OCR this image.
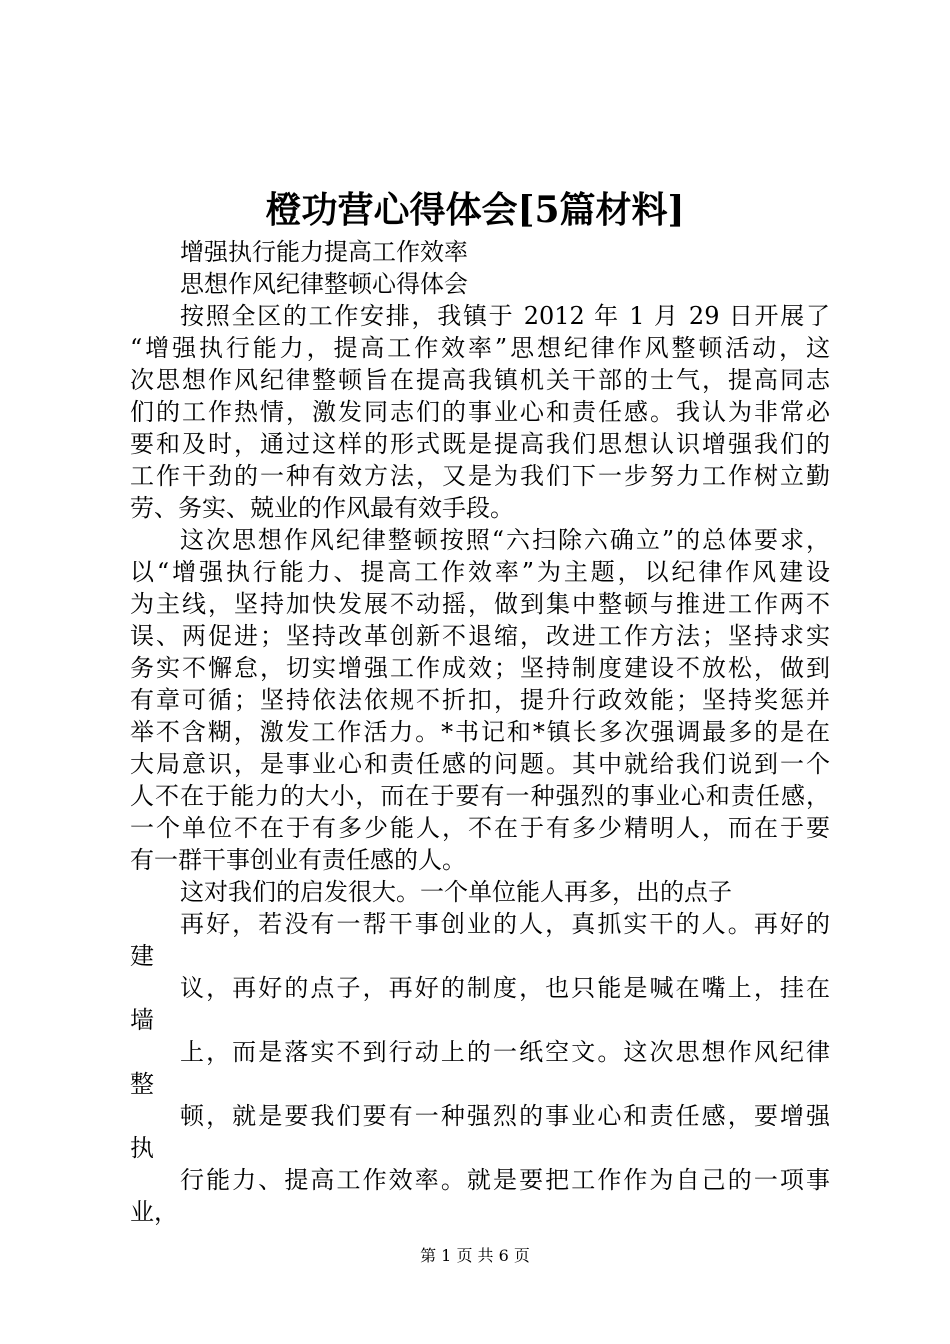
橙功营心得体会[5篇材料]
增强执行能力提高工作效率
思想作风纪律整顿心得体会
按照全区的工作安排，我镇于 2012 年 1 月 29 日开展了
“增强执行能力，提高工作效率”思想纪律作风整顿活动，这
次思想作风纪律整顿旨在提高我镇机关干部的士气，提高同志
们的工作热情，激发同志们的事业心和责任感。我认为非常必
要和及时，通过这样的形式既是提高我们思想认识增强我们的
工作干劲的一种有效方法，又是为我们下一步努力工作树立勤
劳、务实、兢业的作风最有效手段。
这次思想作风纪律整顿按照“六扫除六确立”的总体要求，
以“增强执行能力、提高工作效率”为主题，以纪律作风建设
为主线，坚持加快发展不动摇，做到集中整顿与推进工作两不
误、两促进；坚持改革创新不退缩，改进工作方法；坚持求实
务实不懈怠，切实增强工作成效；坚持制度建设不放松，做到
有章可循；坚持依法依规不折扣，提升行政效能；坚持奖惩并
举不含糊，激发工作活力。*书记和*镇长多次强调最多的是在
大局意识，是事业心和责任感的问题。其中就给我们说到一个
人不在于能力的大小，而在于要有一种强烈的事业心和责任感，
一个单位不在于有多少能人，不在于有多少精明人，而在于要
有一群干事创业有责任感的人。
这对我们的启发很大。一个单位能人再多，出的点子
再好，若没有一帮干事创业的人，真抓实干的人。再好的
建
议，再好的点子，再好的制度，也只能是喊在嘴上，挂在
墙
上，而是落实不到行动上的一纸空文。这次思想作风纪律
整
顿，就是要我们要有一种强烈的事业心和责任感，要增强
执
行能力、提高工作效率。就是要把工作作为自己的一项事
业，
第 1 页 共 6 页
